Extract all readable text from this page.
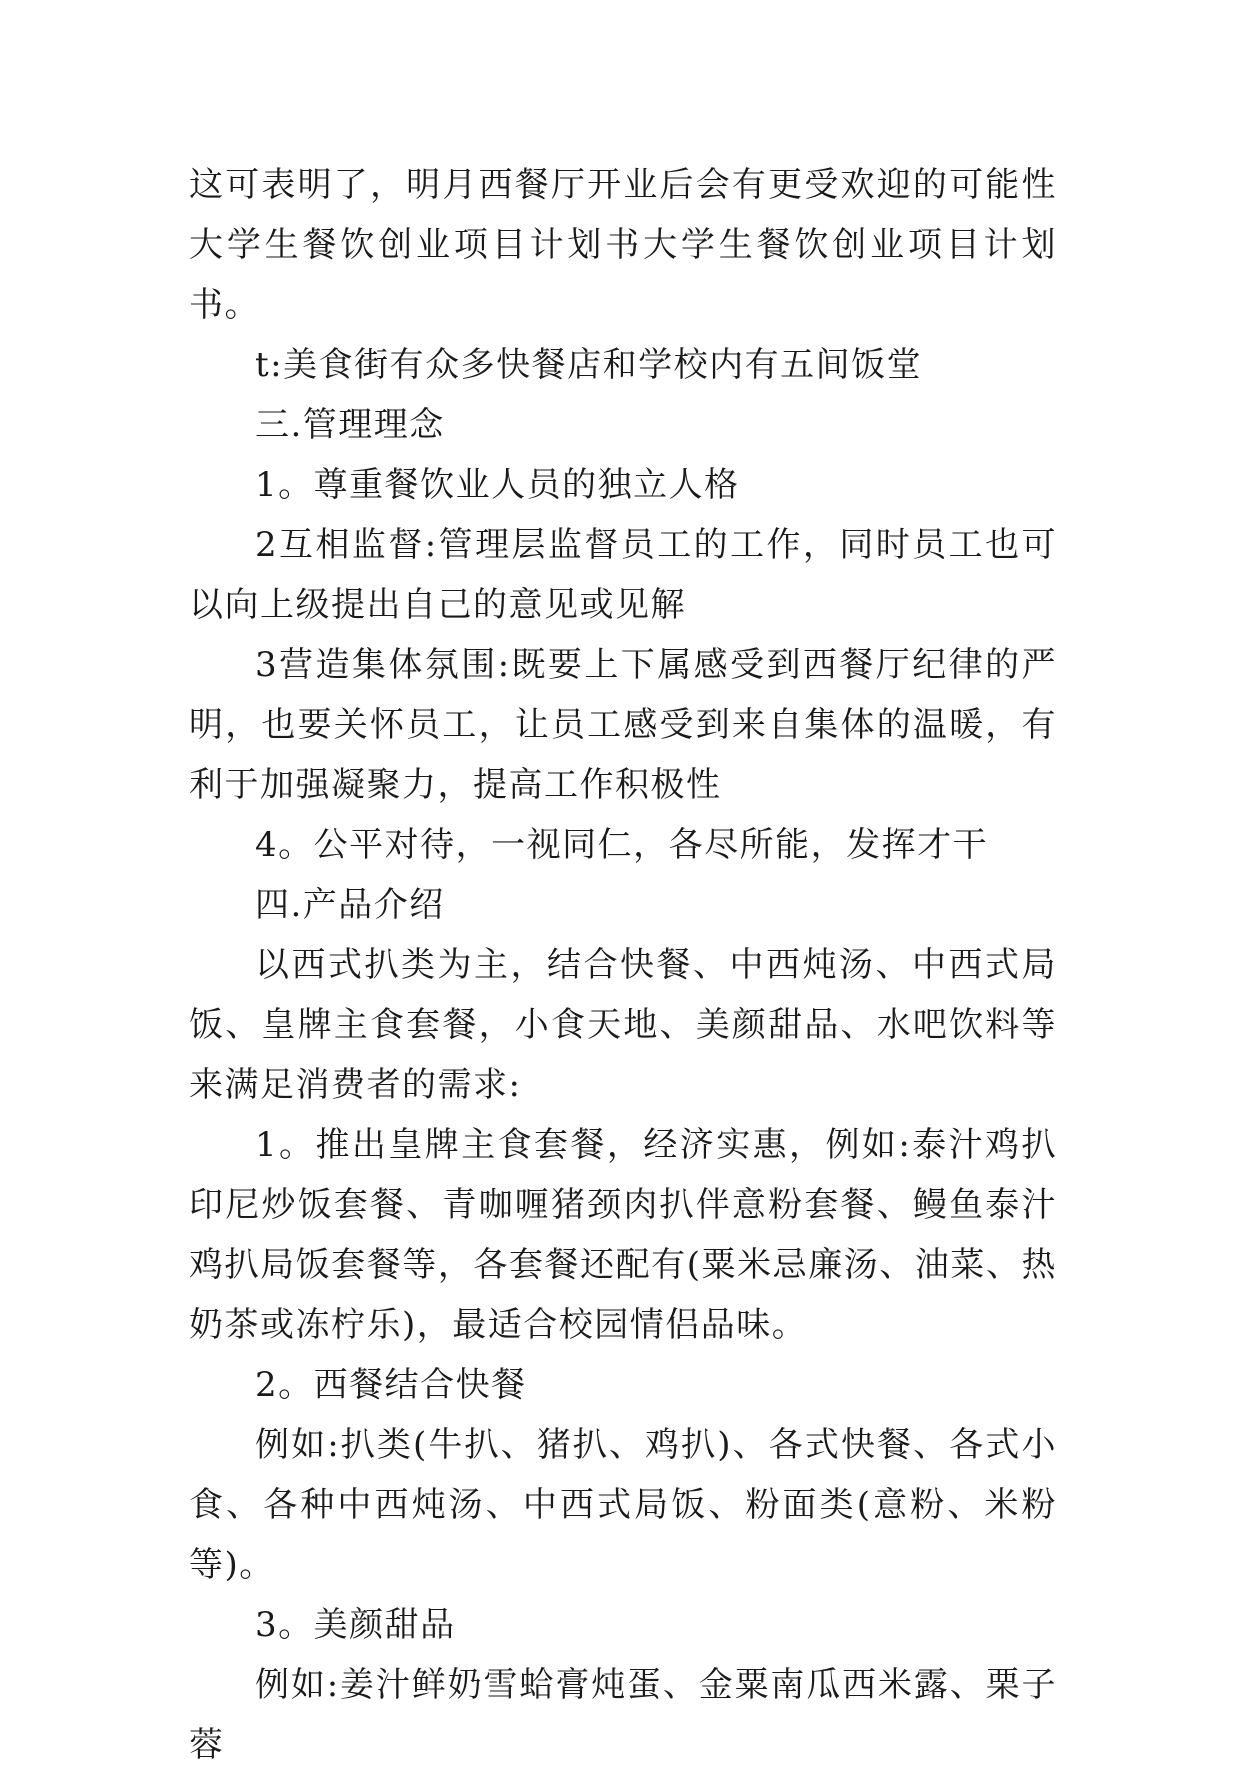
这可表明了，明月西餐厅开业后会有更受欢迎的可能性大学生餐饮创业项目计划书大学生餐饮创业项目计划书。

t:美食街有众多快餐店和学校内有五间饭堂

三.管理理念

1。尊重餐饮业人员的独立人格

2互相监督:管理层监督员工的工作，同时员工也可以向上级提出自己的意见或见解

3营造集体氛围:既要上下属感受到西餐厅纪律的严明，也要关怀员工，让员工感受到来自集体的温暖，有利于加强凝聚力，提高工作积极性

4。公平对待，一视同仁，各尽所能，发挥才干

四.产品介绍

以西式扒类为主，结合快餐、中西炖汤、中西式局饭、皇牌主食套餐，小食天地、美颜甜品、水吧饮料等来满足消费者的需求:

1。推出皇牌主食套餐，经济实惠，例如:泰汁鸡扒印尼炒饭套餐、青咖喱猪颈肉扒伴意粉套餐、鳗鱼泰汁鸡扒局饭套餐等，各套餐还配有(粟米忌廉汤、油菜、热奶茶或冻柠乐)，最适合校园情侣品味。

2。西餐结合快餐

例如:扒类(牛扒、猪扒、鸡扒)、各式快餐、各式小食、各种中西炖汤、中西式局饭、粉面类(意粉、米粉等)。

3。美颜甜品

例如:姜汁鲜奶雪蛤膏炖蛋、金粟南瓜西米露、栗子蓉
